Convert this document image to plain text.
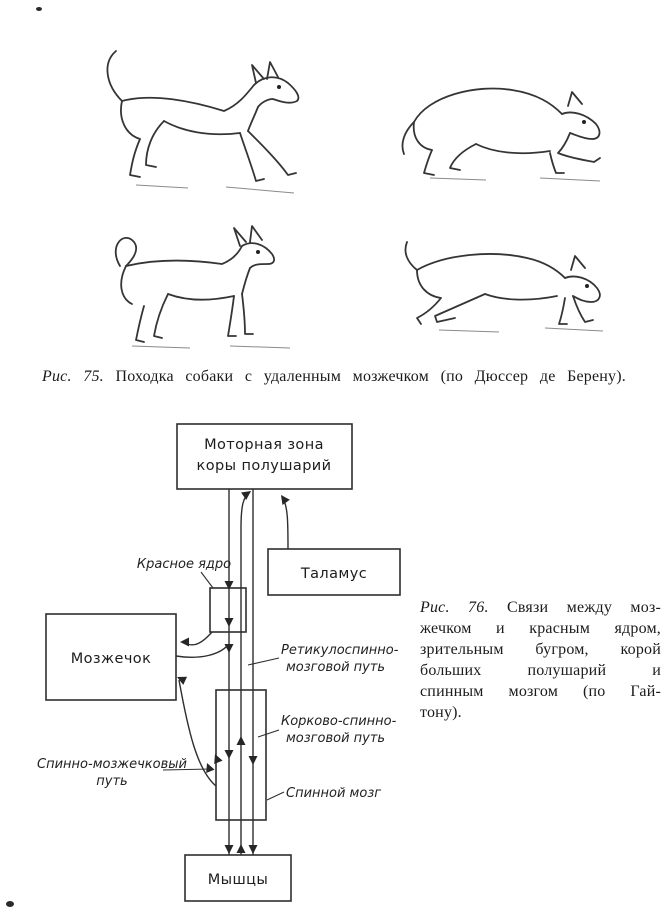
Рис. 75. Походка собаки с удаленным мозжечком (по Дюссер де Берену).

Моторная зона
коры полушарий
Таламус
Мозжечок
Мышцы
Красное ядро
Ретикулоспинно-
мозговой путь
Корково-спинно-
мозговой путь
Спинно-мозжечковый
путь
Спинной мозг
Рис. 76. Связи между моз-
жечком и красным ядром,
зрительным бугром, корой
больших полушарий и
спинным мозгом (по Гай-
тону).
